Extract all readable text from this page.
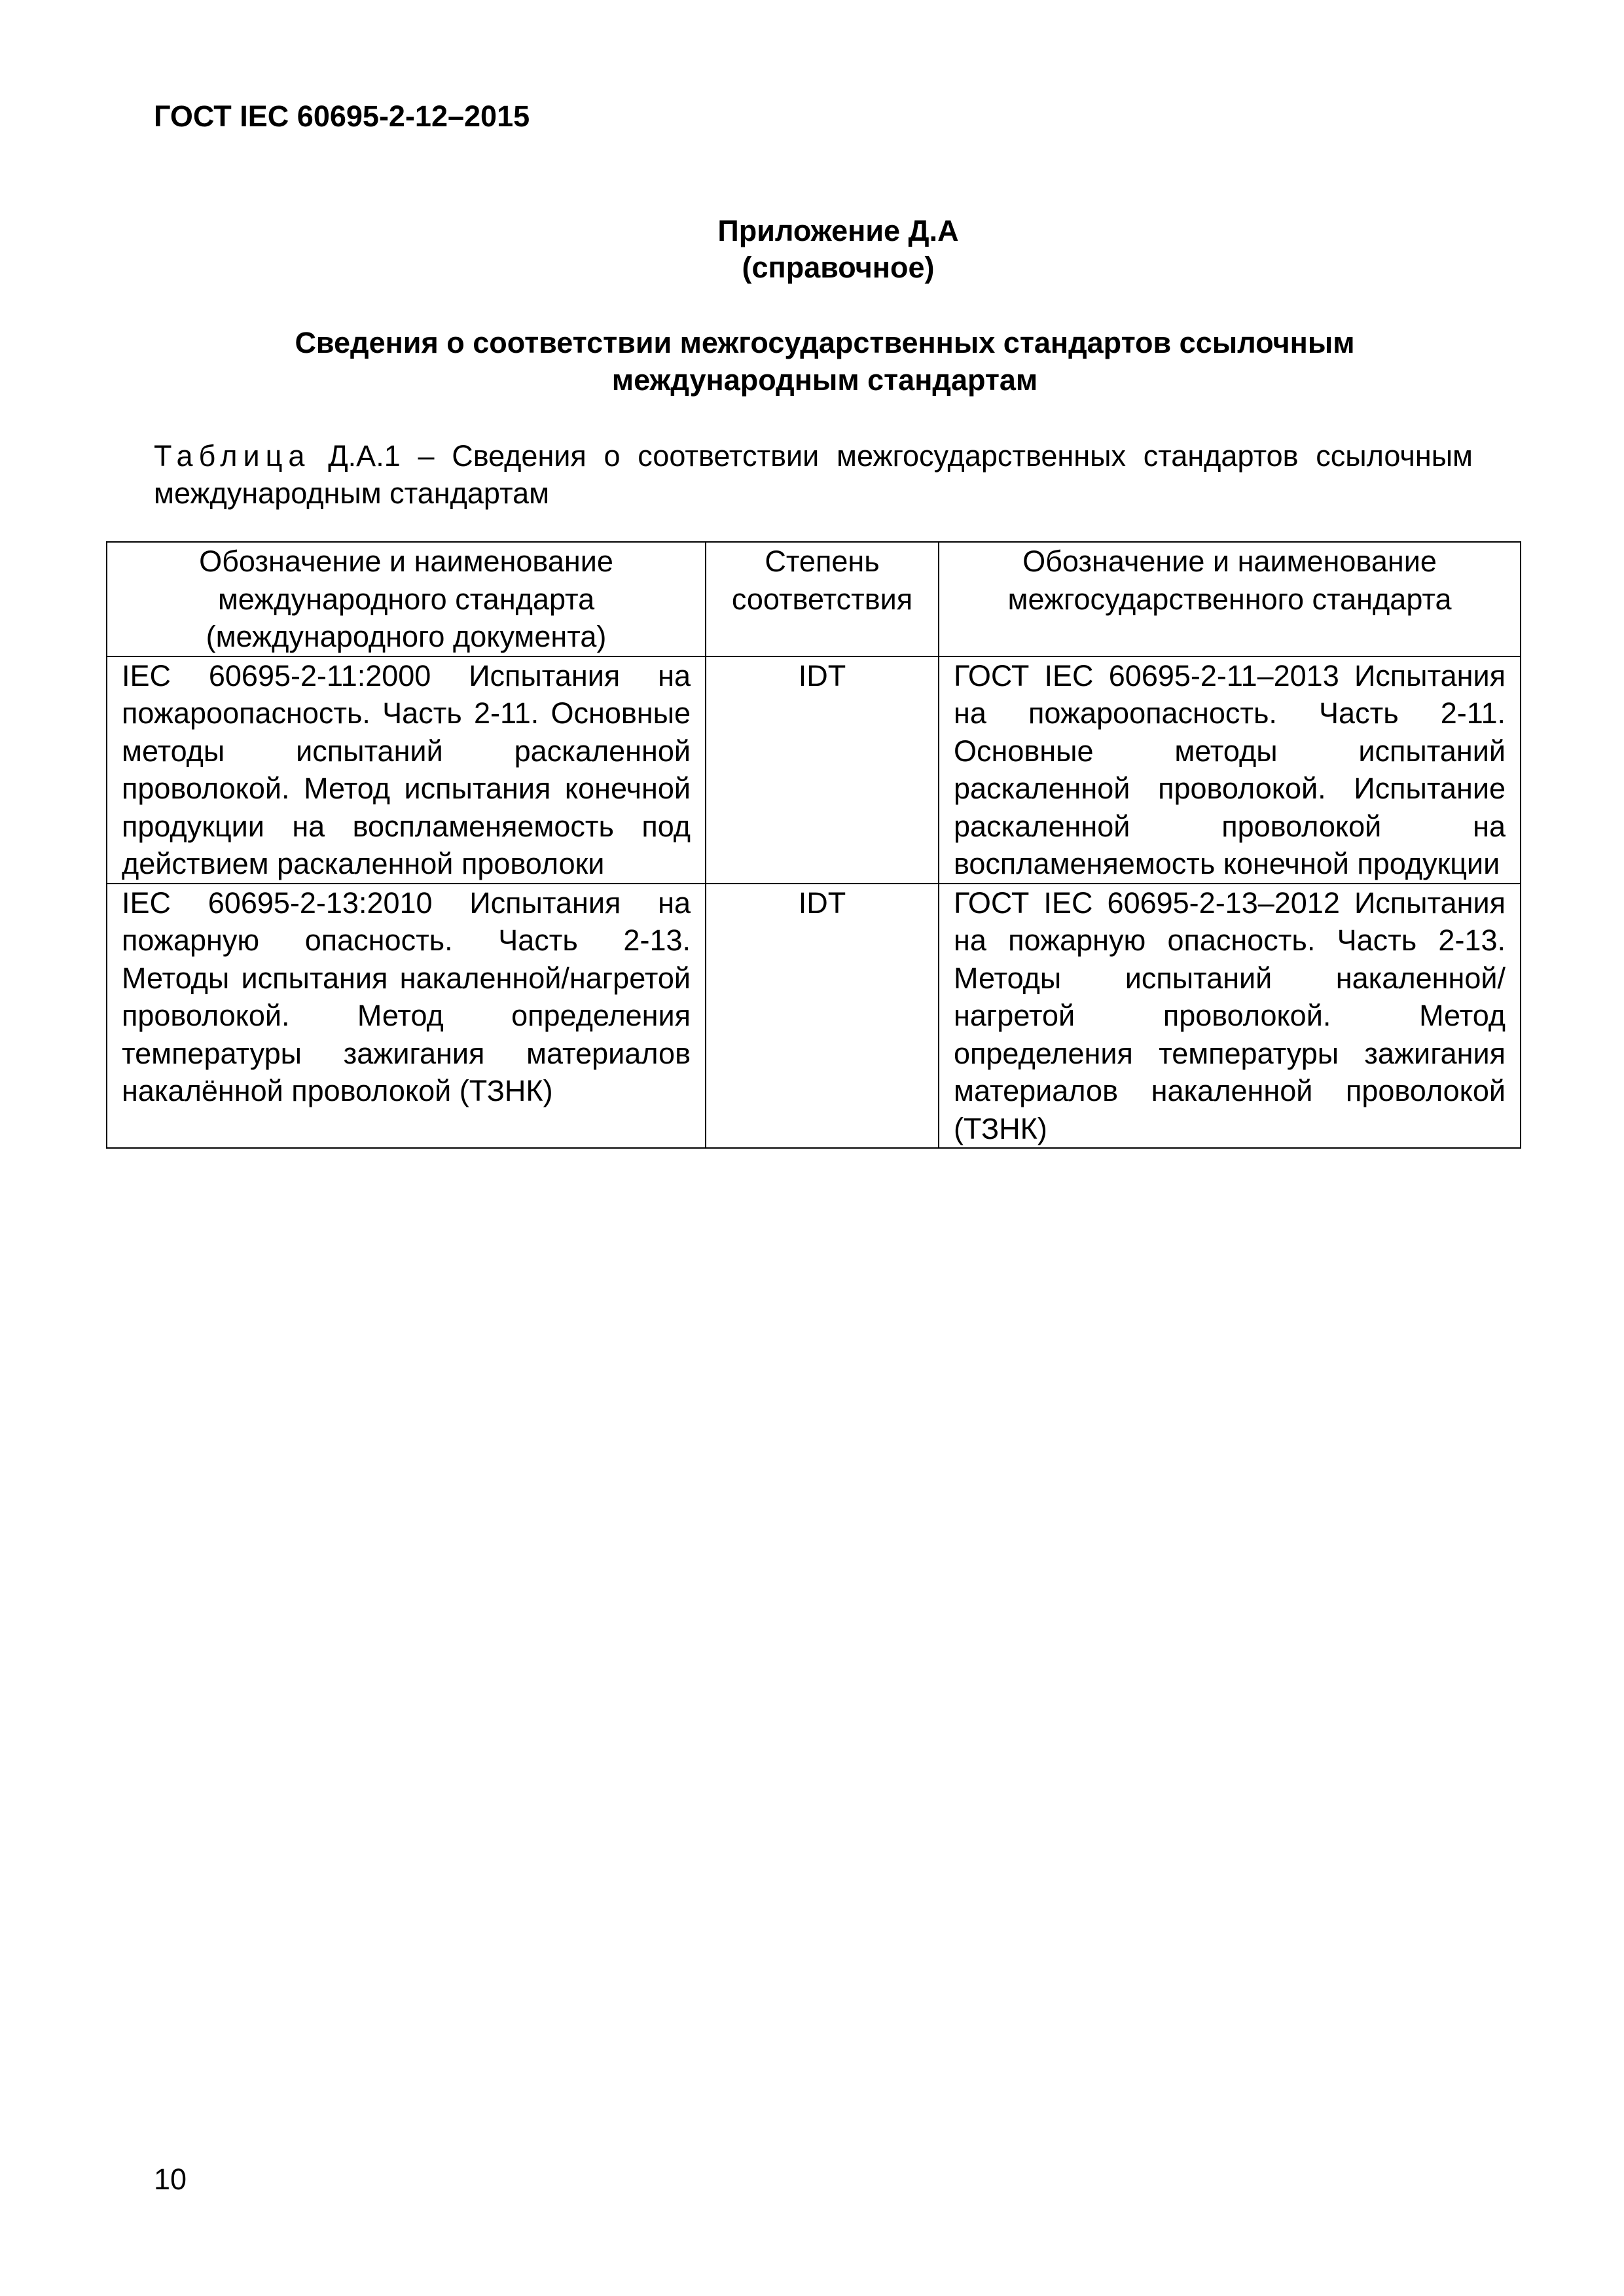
ГОСТ IEC 60695-2-12–2015

Приложение Д.А

(справочное)

Сведения о соответствии межгосударственных стандартов ссылочным
международным стандартам

Таблица Д.А.1 – Сведения о соответствии межгосударственных стандартов ссылочным международным стандартам

Обозначение и наименование международного стандарта (международного документа)	Степень соответствия	Обозначение и наименование межгосударственного стандарта
IEC 60695-2-11:2000 Испытания на пожароопасность. Часть 2-11. Основные методы испытаний раскаленной проволокой. Метод испытания конечной продукции на воспламеняемость под действием раскаленной проволоки	IDT	ГОСТ IEC 60695-2-11–2013 Испытания на пожароопасность. Часть 2-11. Основные методы испытаний раскаленной проволокой. Испытание раскаленной проволокой на воспламеняемость конечной продукции
IEC 60695-2-13:2010 Испытания на пожарную опасность. Часть 2-13. Методы испытания накаленной/нагретой проволокой. Метод определения температуры зажигания материалов накалённой проволокой (ТЗНК)	IDT	ГОСТ IEC 60695-2-13–2012 Испытания на пожарную опасность. Часть 2-13. Методы испытаний накаленной/нагретой проволокой. Метод определения температуры зажигания материалов накаленной проволокой (ТЗНК)

10
